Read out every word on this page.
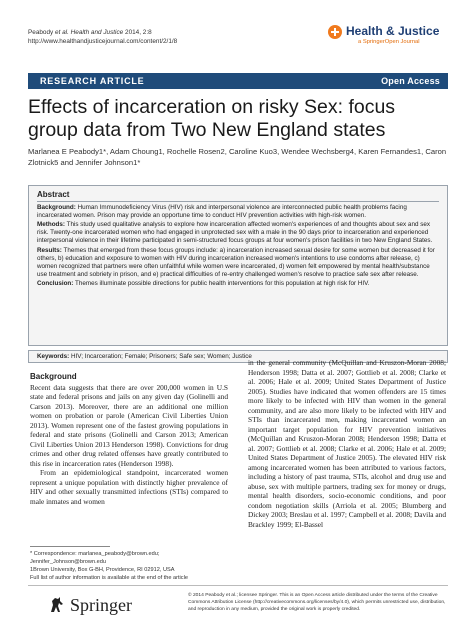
Peabody et al. Health and Justice 2014, 2:8
http://www.healthandjusticejournal.com/content/2/1/8
Health & Justice
a SpringerOpen Journal
RESEARCH ARTICLE	Open Access
Effects of incarceration on risky Sex: focus group data from Two New England states
Marlanea E Peabody1*, Adam Choung1, Rochelle Rosen2, Caroline Kuo3, Wendee Wechsberg4, Karen Fernandes1, Caron Zlotnick5 and Jennifer Johnson1*
Abstract

Background: Human Immunodeficiency Virus (HIV) risk and interpersonal violence are interconnected public health problems facing incarcerated women. Prison may provide an opportune time to conduct HIV prevention activities with high-risk women.

Methods: This study used qualitative analysis to explore how incarceration affected women's experiences of and thoughts about sex and sex risk. Twenty-one incarcerated women who had engaged in unprotected sex with a male in the 90 days prior to incarceration and experienced interpersonal violence in their lifetime participated in semi-structured focus groups at four women's prison facilities in two New England States.

Results: Themes that emerged from these focus groups include: a) incarceration increased sexual desire for some women but decreased it for others, b) education and exposure to women with HIV during incarceration increased women's intentions to use condoms after release, c) women recognized that partners were often unfaithful while women were incarcerated, d) women felt empowered by mental health/substance use treatment and sobriety in prison, and e) practical difficulties of re-entry challenged women's resolve to practice safe sex after release.

Conclusion: Themes illuminate possible directions for public health interventions for this population at high risk for HIV.

Keywords: HIV; Incarceration; Female; Prisoners; Safe sex; Women; Justice
Background

Recent data suggests that there are over 200,000 women in U.S state and federal prisons and jails on any given day (Golinelli and Carson 2013). Moreover, there are an additional one million women on probation or parole (American Civil Liberties Union 2013). Women represent one of the fastest growing populations in federal and state prisons (Golinelli and Carson 2013; American Civil Liberties Union 2013 Henderson 1998). Convictions for drug crimes and other drug related offenses have greatly contributed to this rise in incarceration rates (Henderson 1998).

From an epidemiological standpoint, incarcerated women represent a unique population with distinctly higher prevalence of HIV and other sexually transmitted infections (STIs) compared to male inmates and women

in the general community (McQuillan and Kruszon-Moran 2008; Henderson 1998; Datta et al. 2007; Gottlieb et al. 2008; Clarke et al. 2006; Hale et al. 2009; United States Department of Justice 2005). Studies have indicated that women offenders are 15 times more likely to be infected with HIV than women in the general community, and are also more likely to be infected with HIV and STIs than incarcerated men, making incarcerated women an important target population for HIV prevention initiatives (McQuillan and Kruszon-Moran 2008; Henderson 1998; Datta et al. 2007; Gottlieb et al. 2008; Clarke et al. 2006; Hale et al. 2009; United States Department of Justice 2005). The elevated HIV risk among incarcerated women has been attributed to various factors, including a history of past trauma, STIs, alcohol and drug use and abuse, sex with multiple partners, trading sex for money or drugs, mental health disorders, socio-economic conditions, and poor condom negotiation skills (Arriola et al. 2005; Blumberg and Dickey 2003; Breslau et al. 1997; Campbell et al. 2008; Davila and Brackley 1999; El-Bassel

* Correspondence: marlanea_peabody@brown.edu; Jennifer_Johnson@brown.edu
1Brown University, Box G-BH, Providence, RI 02912, USA
Full list of author information is available at the end of the article
Springer	© 2014 Peabody et al.; licensee Springer. This is an Open Access article distributed under the terms of the Creative Commons Attribution License (http://creativecommons.org/licenses/by/4.0), which permits unrestricted use, distribution, and reproduction in any medium, provided the original work is properly credited.
